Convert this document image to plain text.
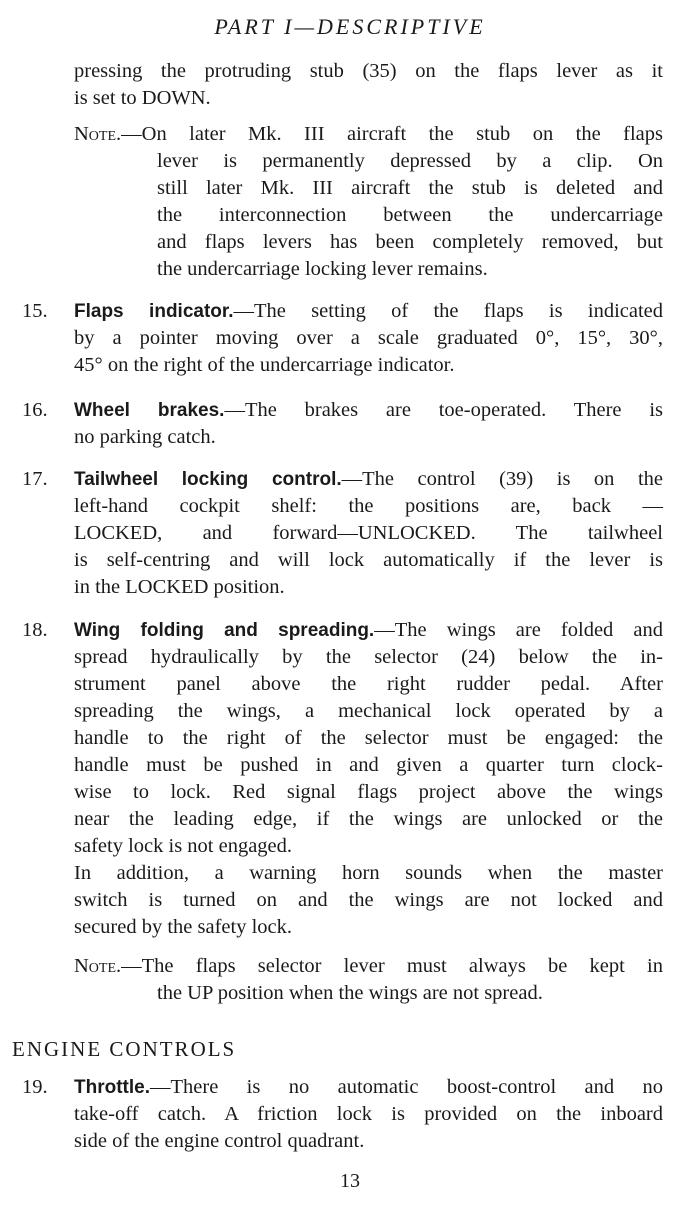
PART I—DESCRIPTIVE
pressing the protruding stub (35) on the flaps lever as it
is set to DOWN.
Note.—On later Mk. III aircraft the stub on the flaps
lever is permanently depressed by a clip. On
still later Mk. III aircraft the stub is deleted and
the interconnection between the undercarriage
and flaps levers has been completely removed, but
the undercarriage locking lever remains.
15. Flaps indicator.—The setting of the flaps is indicated
by a pointer moving over a scale graduated 0°, 15°, 30°,
45° on the right of the undercarriage indicator.
16. Wheel brakes.—The brakes are toe-operated. There is
no parking catch.
17. Tailwheel locking control.—The control (39) is on the
left-hand cockpit shelf: the positions are, back —
LOCKED, and forward—UNLOCKED. The tailwheel
is self-centring and will lock automatically if the lever is
in the LOCKED position.
18. Wing folding and spreading.—The wings are folded and
spread hydraulically by the selector (24) below the in-
strument panel above the right rudder pedal. After
spreading the wings, a mechanical lock operated by a
handle to the right of the selector must be engaged: the
handle must be pushed in and given a quarter turn clock-
wise to lock. Red signal flags project above the wings
near the leading edge, if the wings are unlocked or the
safety lock is not engaged.
In addition, a warning horn sounds when the master
switch is turned on and the wings are not locked and
secured by the safety lock.
Note.—The flaps selector lever must always be kept in
the UP position when the wings are not spread.
ENGINE CONTROLS
19. Throttle.—There is no automatic boost-control and no
take-off catch. A friction lock is provided on the inboard
side of the engine control quadrant.
13
